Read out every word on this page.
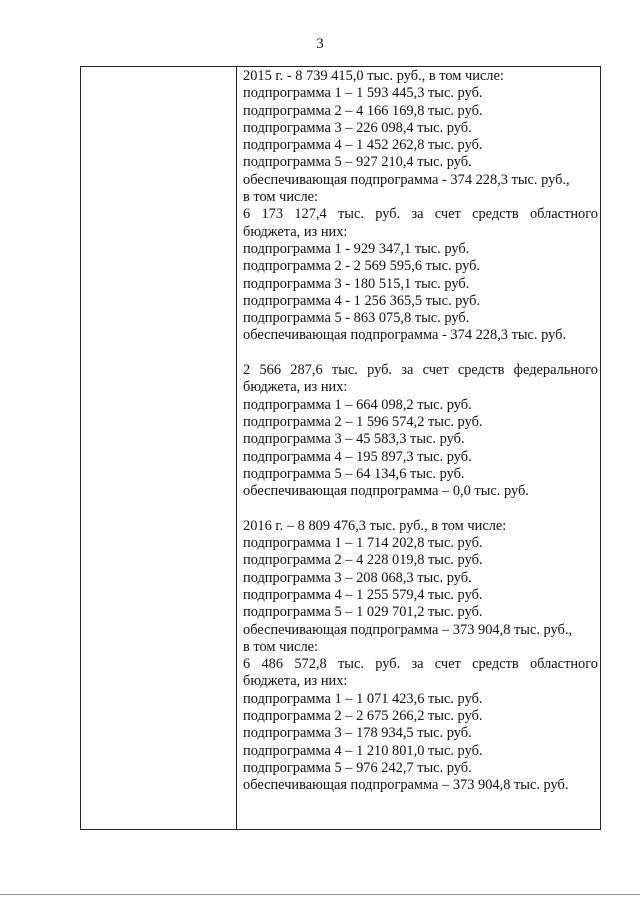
3
2015 г. - 8 739 415,0 тыс. руб., в том числе:
подпрограмма 1 – 1 593 445,3 тыс. руб.
подпрограмма 2 – 4 166 169,8 тыс. руб.
подпрограмма 3 – 226 098,4 тыс. руб.
подпрограмма 4 – 1 452 262,8 тыс. руб.
подпрограмма 5 – 927 210,4 тыс. руб.
обеспечивающая подпрограмма - 374 228,3 тыс. руб.,
в том числе:
6 173 127,4 тыс. руб. за счет средств областного
бюджета, из них:
подпрограмма 1 - 929 347,1 тыс. руб.
подпрограмма 2 - 2 569 595,6 тыс. руб.
подпрограмма 3 - 180 515,1 тыс. руб.
подпрограмма 4 - 1 256 365,5 тыс. руб.
подпрограмма 5 - 863 075,8 тыс. руб.
обеспечивающая подпрограмма - 374 228,3 тыс. руб.
2 566 287,6 тыс. руб. за счет средств федерального
бюджета, из них:
подпрограмма 1 – 664 098,2 тыс. руб.
подпрограмма 2 – 1 596 574,2 тыс. руб.
подпрограмма 3 – 45 583,3 тыс. руб.
подпрограмма 4 – 195 897,3 тыс. руб.
подпрограмма 5 – 64 134,6 тыс. руб.
обеспечивающая подпрограмма – 0,0 тыс. руб.
2016 г. – 8 809 476,3 тыс. руб., в том числе:
подпрограмма 1 – 1 714 202,8 тыс. руб.
подпрограмма 2 – 4 228 019,8 тыс. руб.
подпрограмма 3 – 208 068,3 тыс. руб.
подпрограмма 4 – 1 255 579,4 тыс. руб.
подпрограмма 5 – 1 029 701,2 тыс. руб.
обеспечивающая подпрограмма – 373 904,8 тыс. руб.,
в том числе:
6 486 572,8 тыс. руб. за счет средств областного
бюджета, из них:
подпрограмма 1 – 1 071 423,6 тыс. руб.
подпрограмма 2 – 2 675 266,2 тыс. руб.
подпрограмма 3 – 178 934,5 тыс. руб.
подпрограмма 4 – 1 210 801,0 тыс. руб.
подпрограмма 5 – 976 242,7 тыс. руб.
обеспечивающая подпрограмма – 373 904,8 тыс. руб.
